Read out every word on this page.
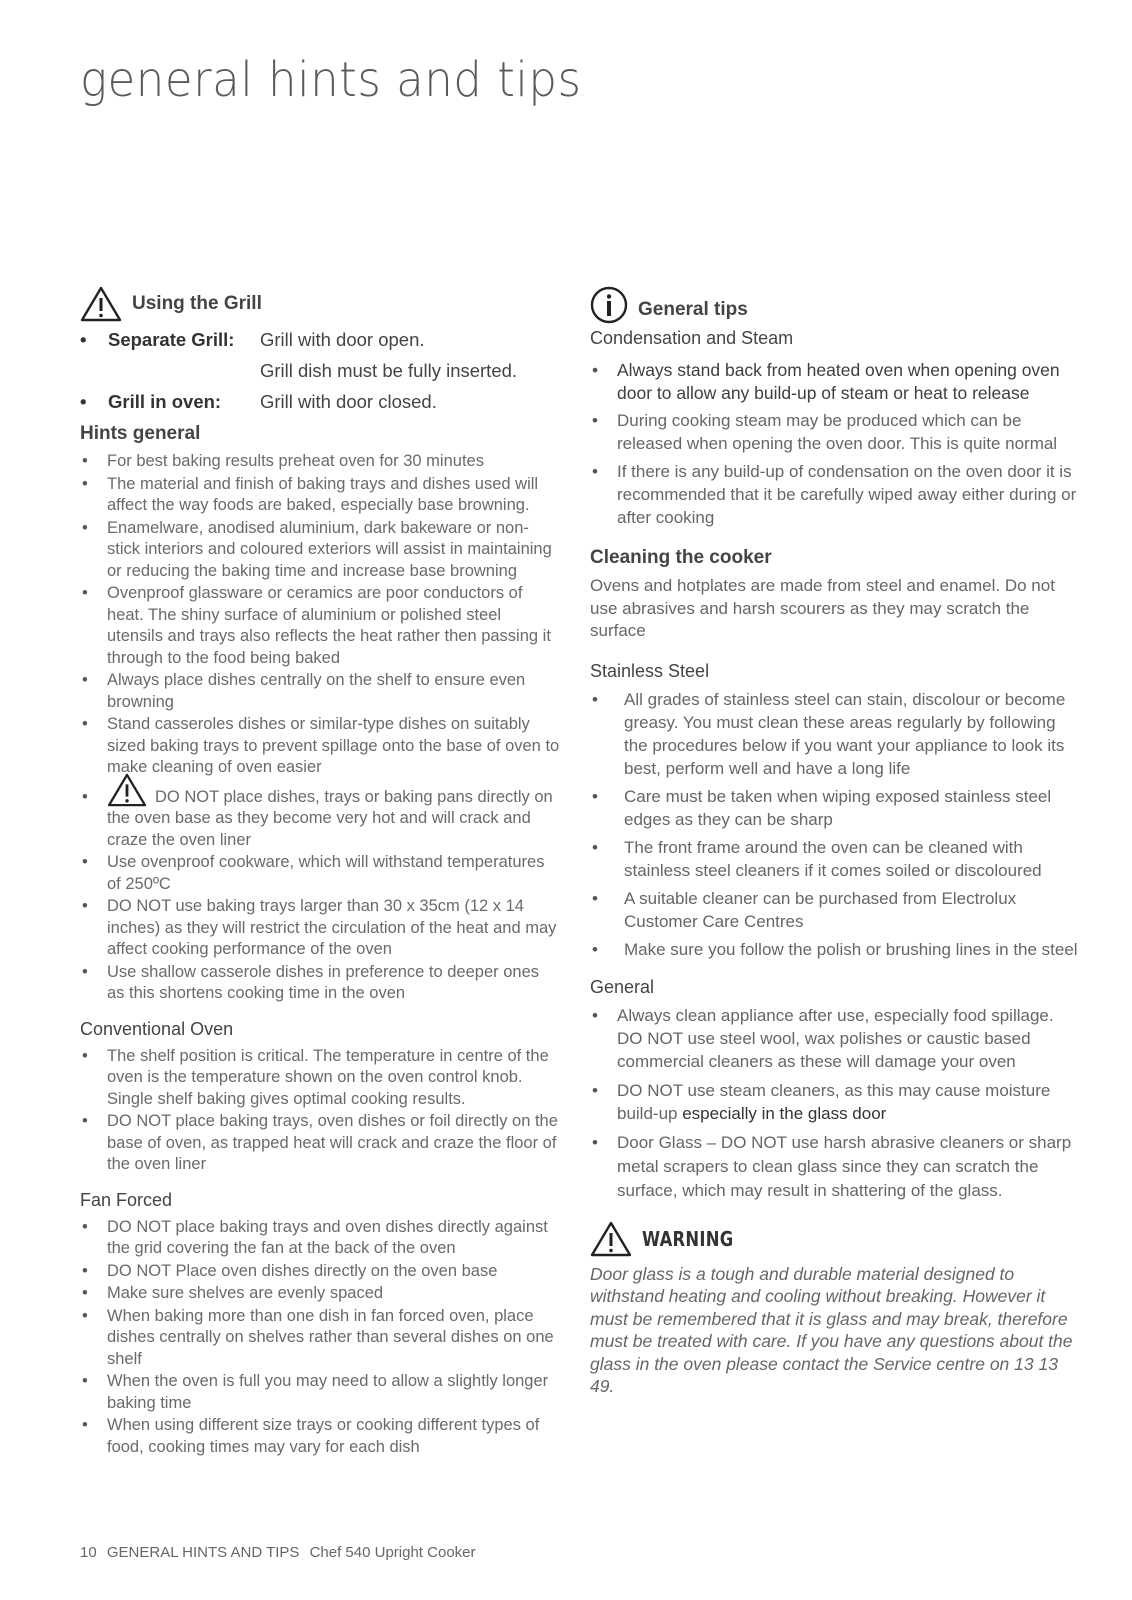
general hints and tips
Using the Grill
•	Separate Grill:	Grill with door open.
Grill dish must be fully inserted.
•	Grill in oven:	Grill with door closed.
Hints general
• For best baking results preheat oven for 30 minutes
• The material and finish of baking trays and dishes used will affect the way foods are baked, especially base browning.
• Enamelware, anodised aluminium, dark bakeware or non-stick interiors and coloured exteriors will assist in maintaining or reducing the baking time and increase base browning
• Ovenproof glassware or ceramics are poor conductors of heat. The shiny surface of aluminium or polished steel utensils and trays also reflects the heat rather then passing it through to the food being baked
• Always place dishes centrally on the shelf to ensure even browning
• Stand casseroles dishes or similar-type dishes on suitably sized baking trays to prevent spillage onto the base of oven to make cleaning of oven easier
• DO NOT place dishes, trays or baking pans directly on the oven base as they become very hot and will crack and craze the oven liner
• Use ovenproof cookware, which will withstand temperatures of 250ºC
• DO NOT use baking trays larger than 30 x 35cm (12 x 14 inches) as they will restrict the circulation of the heat and may affect cooking performance of the oven
• Use shallow casserole dishes in preference to deeper ones as this shortens cooking time in the oven
Conventional Oven
• The shelf position is critical. The temperature in centre of the oven is the temperature shown on the oven control knob. Single shelf baking gives optimal cooking results.
• DO NOT place baking trays, oven dishes or foil directly on the base of oven, as trapped heat will crack and craze the floor of the oven liner
Fan Forced
• DO NOT place baking trays and oven dishes directly against the grid covering the fan at the back of the oven
• DO NOT Place oven dishes directly on the oven base
• Make sure shelves are evenly spaced
• When baking more than one dish in fan forced oven, place dishes centrally on shelves rather than several dishes on one shelf
• When the oven is full you may need to allow a slightly longer baking time
• When using different size trays or cooking different types of food, cooking times may vary for each dish
General tips
Condensation and Steam
• Always stand back from heated oven when opening oven door to allow any build-up of steam or heat to release
• During cooking steam may be produced which can be released when opening the oven door. This is quite normal
• If there is any build-up of condensation on the oven door it is recommended that it be carefully wiped away either during or after cooking
Cleaning the cooker
Ovens and hotplates are made from steel and enamel. Do not use abrasives and harsh scourers as they may scratch the surface
Stainless Steel
• All grades of stainless steel can stain, discolour or become greasy. You must clean these areas regularly by following the procedures below if you want your appliance to look its best, perform well and have a long life
• Care must be taken when wiping exposed stainless steel edges as they can be sharp
• The front frame around the oven can be cleaned with stainless steel cleaners if it comes soiled or discoloured
• A suitable cleaner can be purchased from Electrolux Customer Care Centres
• Make sure you follow the polish or brushing lines in the steel
General
• Always clean appliance after use, especially food spillage. DO NOT use steel wool, wax polishes or caustic based commercial cleaners as these will damage your oven
• DO NOT use steam cleaners, as this may cause moisture build-up especially in the glass door
• Door Glass – DO NOT use harsh abrasive cleaners or sharp metal scrapers to clean glass since they can scratch the surface, which may result in shattering of the glass.
WARNING
Door glass is a tough and durable material designed to withstand heating and cooling without breaking. However it must be remembered that it is glass and may break, therefore must be treated with care. If you have any questions about the glass in the oven please contact the Service centre on 13 13 49.
10 GENERAL HINTS AND TIPS Chef 540 Upright Cooker
